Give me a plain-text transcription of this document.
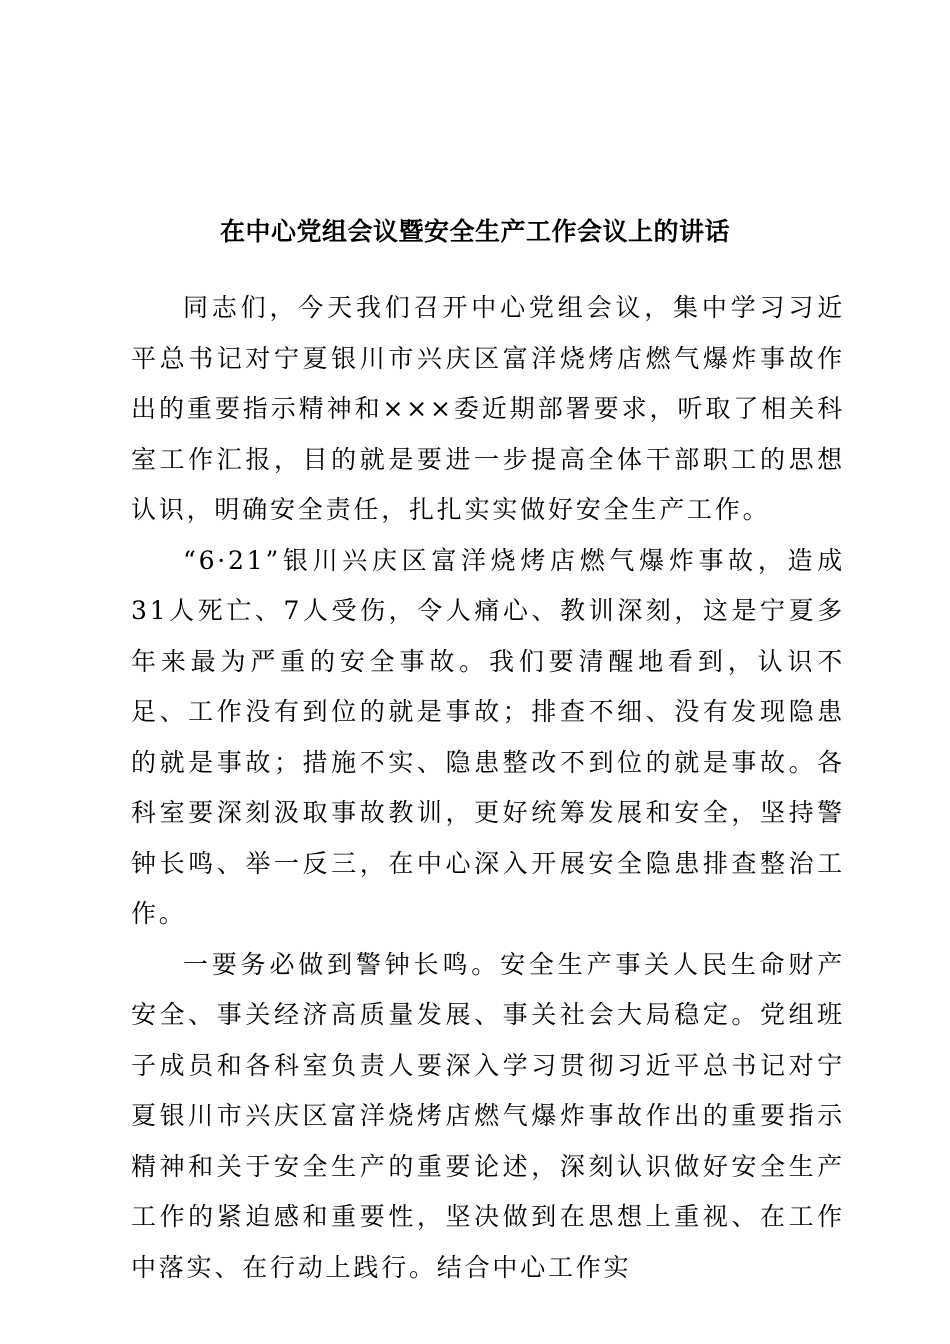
在中心党组会议暨安全生产工作会议上的讲话

同志们，今天我们召开中心党组会议，集中学习习近平总书记对宁夏银川市兴庆区富洋烧烤店燃气爆炸事故作出的重要指示精神和×××委近期部署要求，听取了相关科室工作汇报，目的就是要进一步提高全体干部职工的思想认识，明确安全责任，扎扎实实做好安全生产工作。

“6·21”银川兴庆区富洋烧烤店燃气爆炸事故，造成31人死亡、7人受伤，令人痛心、教训深刻，这是宁夏多年来最为严重的安全事故。我们要清醒地看到，认识不足、工作没有到位的就是事故；排查不细、没有发现隐患的就是事故；措施不实、隐患整改不到位的就是事故。各科室要深刻汲取事故教训，更好统筹发展和安全，坚持警钟长鸣、举一反三，在中心深入开展安全隐患排查整治工作。

一要务必做到警钟长鸣。安全生产事关人民生命财产安全、事关经济高质量发展、事关社会大局稳定。党组班子成员和各科室负责人要深入学习贯彻习近平总书记对宁夏银川市兴庆区富洋烧烤店燃气爆炸事故作出的重要指示精神和关于安全生产的重要论述，深刻认识做好安全生产工作的紧迫感和重要性，坚决做到在思想上重视、在工作中落实、在行动上践行。结合中心工作实
